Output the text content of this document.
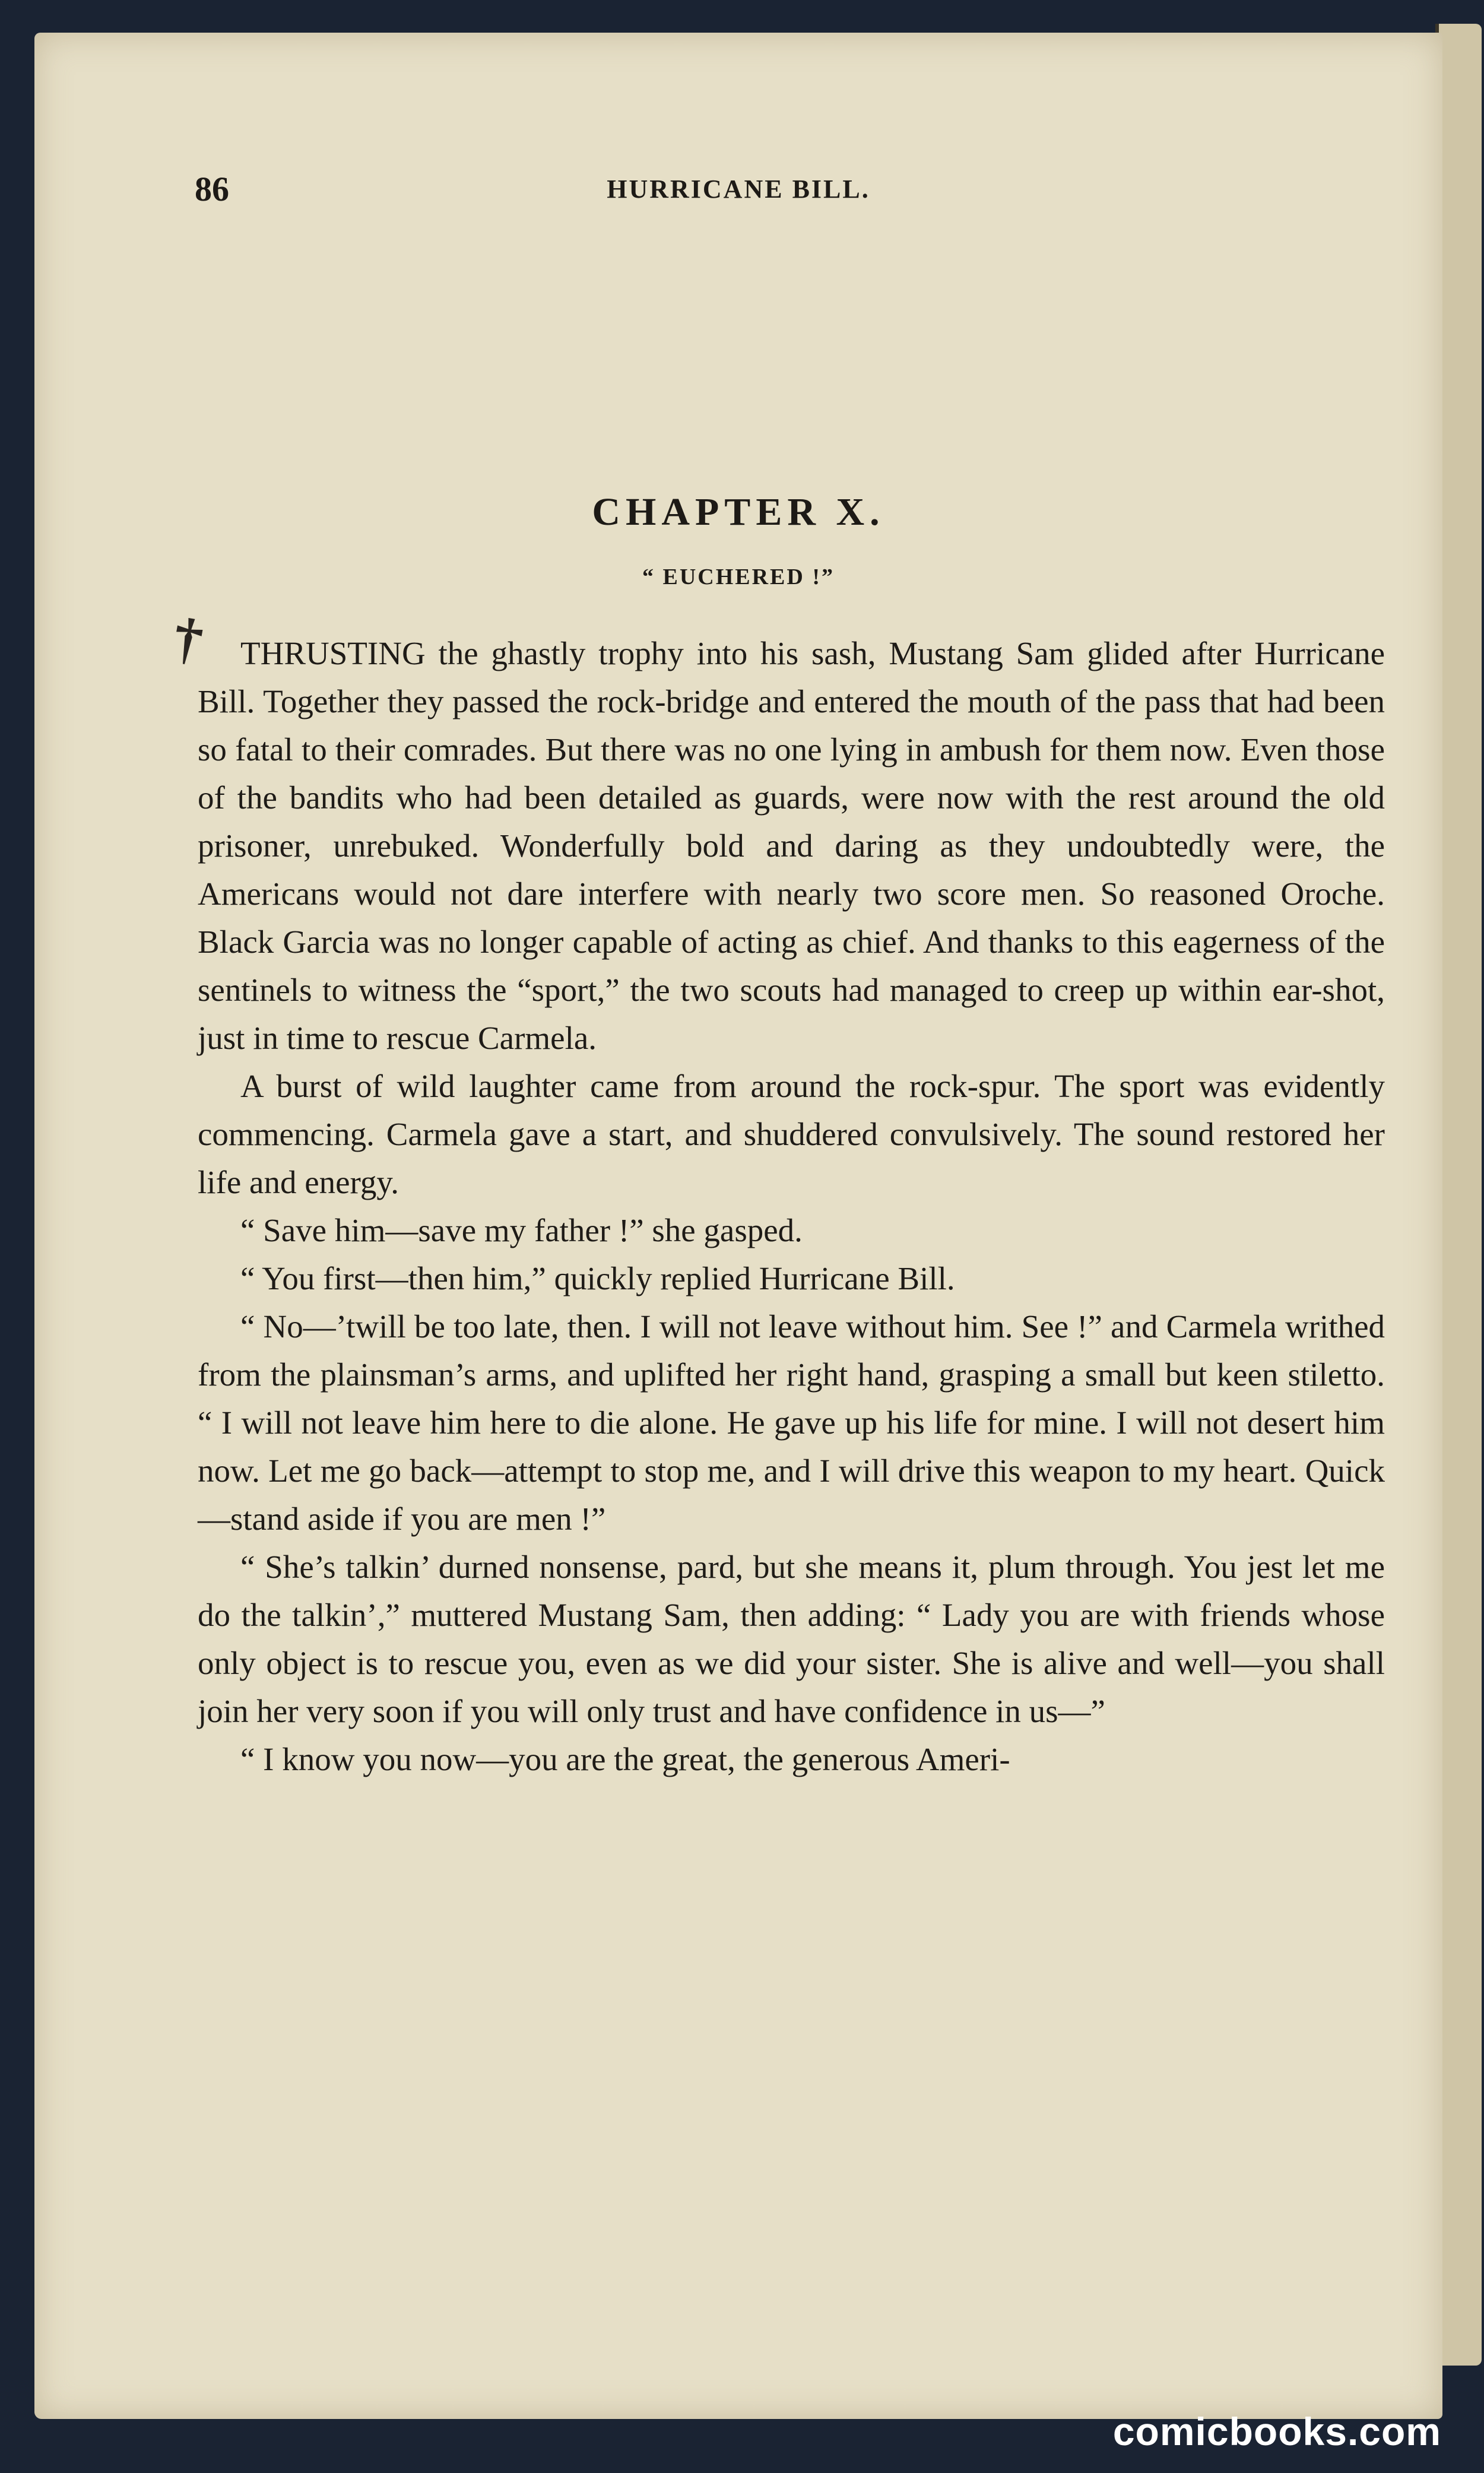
86	HURRICANE BILL.
CHAPTER X.
“ EUCHERED !”
†	THRUSTING the ghastly trophy into his sash, Mustang Sam glided after Hurricane Bill. Together they passed the rock-bridge and entered the mouth of the pass that had been so fatal to their comrades. But there was no one lying in ambush for them now. Even those of the bandits who had been detailed as guards, were now with the rest around the old prisoner, unrebuked. Wonderfully bold and daring as they undoubtedly were, the Americans would not dare interfere with nearly two score men. So reasoned Oroche. Black Garcia was no longer capable of acting as chief. And thanks to this eagerness of the sentinels to witness the “sport,” the two scouts had managed to creep up within ear-shot, just in time to rescue Carmela.

A burst of wild laughter came from around the rock-spur. The sport was evidently commencing. Carmela gave a start, and shuddered convulsively. The sound restored her life and energy.

“ Save him—save my father !” she gasped.

“ You first—then him,” quickly replied Hurricane Bill.

“ No—’twill be too late, then. I will not leave without him. See !” and Carmela writhed from the plainsman’s arms, and uplifted her right hand, grasping a small but keen stiletto. “ I will not leave him here to die alone. He gave up his life for mine. I will not desert him now. Let me go back—attempt to stop me, and I will drive this weapon to my heart. Quick—stand aside if you are men !”

“ She’s talkin’ durned nonsense, pard, but she means it, plum through. You jest let me do the talkin’,” muttered Mustang Sam, then adding: “ Lady you are with friends whose only object is to rescue you, even as we did your sister. She is alive and well—you shall join her very soon if you will only trust and have confidence in us—”

“ I know you now—you are the great, the generous Ameri-

comicbooks.com
